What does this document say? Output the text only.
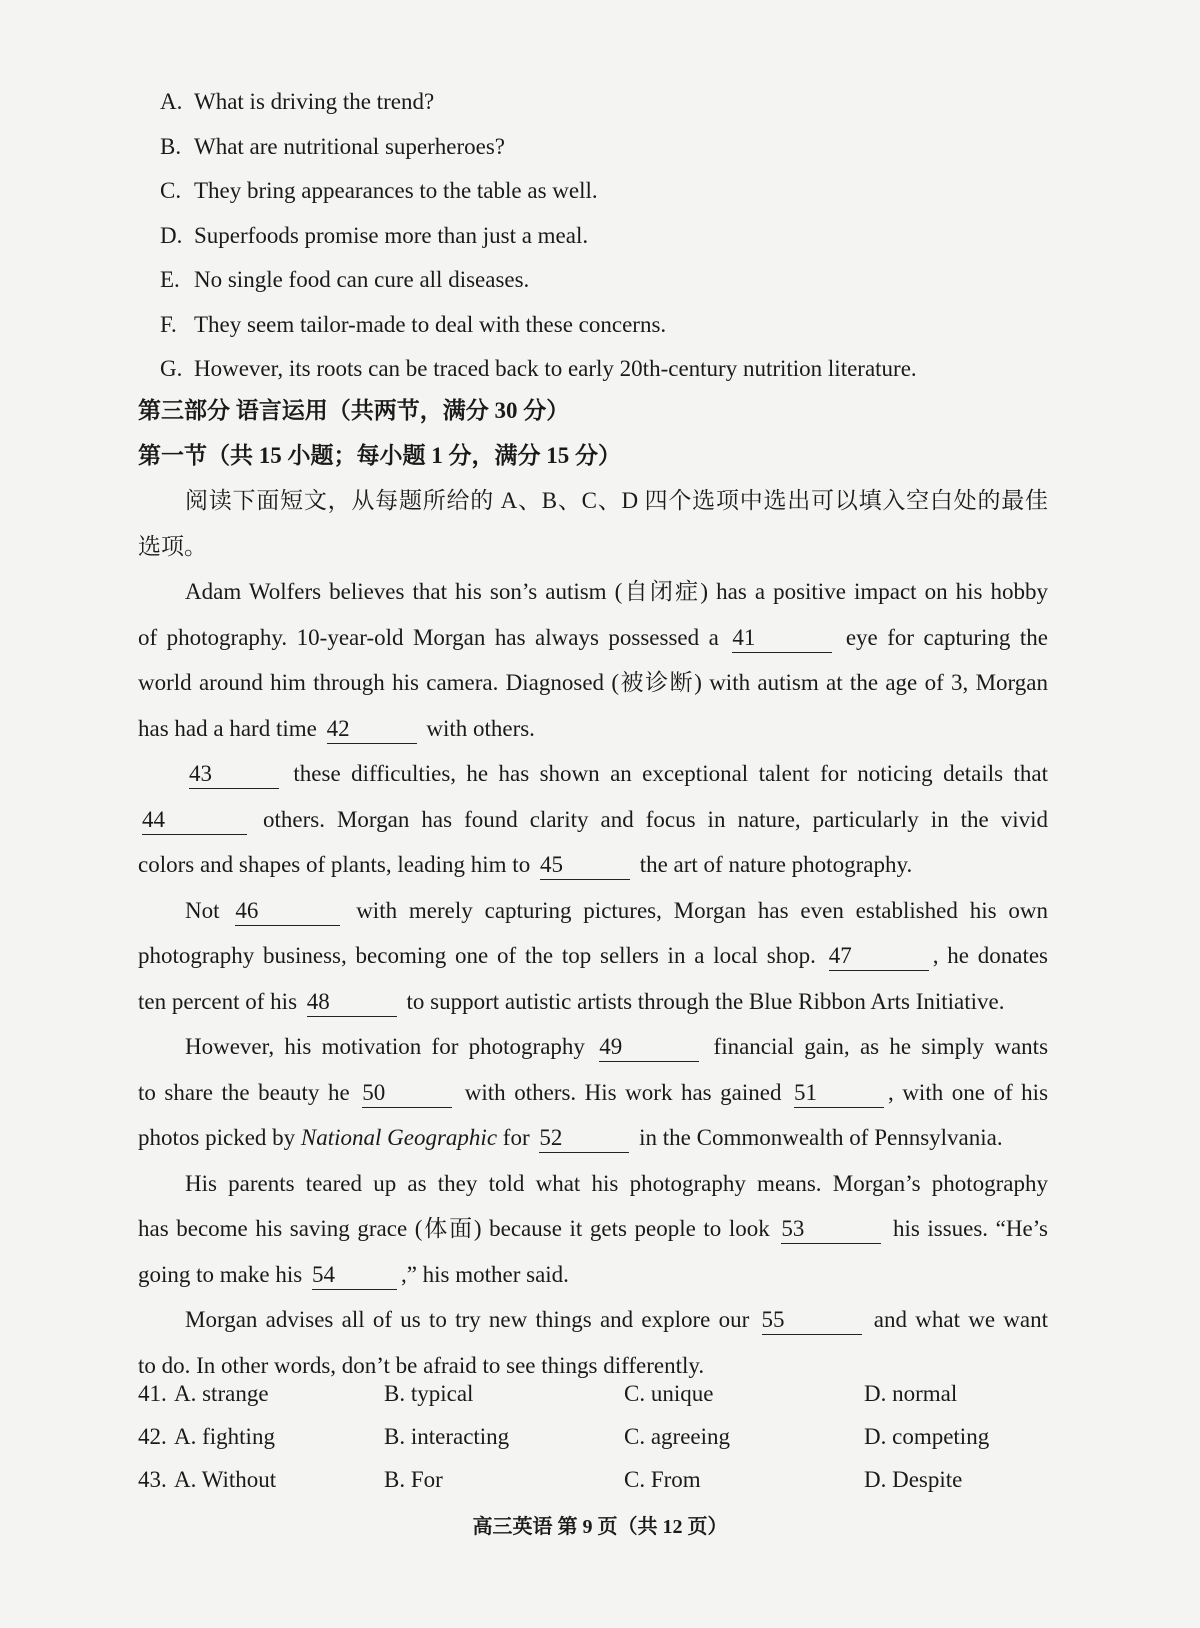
A. What is driving the trend?
B. What are nutritional superheroes?
C. They bring appearances to the table as well.
D. Superfoods promise more than just a meal.
E. No single food can cure all diseases.
F. They seem tailor-made to deal with these concerns.
G. However, its roots can be traced back to early 20th-century nutrition literature.
第三部分 语言运用（共两节，满分 30 分）
第一节（共 15 小题；每小题 1 分，满分 15 分）
阅读下面短文，从每题所给的 A、B、C、D 四个选项中选出可以填入空白处的最佳
选项。
Adam Wolfers believes that his son’s autism (自闭症) has a positive impact on his hobby
of photography. 10-year-old Morgan has always possessed a 41	eye for capturing the
world around him through his camera. Diagnosed (被诊断) with autism at the age of 3, Morgan
has had a hard time 42	with others.
43	these difficulties, he has shown an exceptional talent for noticing details that
44	others. Morgan has found clarity and focus in nature, particularly in the vivid
colors and shapes of plants, leading him to 45	the art of nature photography.
Not 46	with merely capturing pictures, Morgan has even established his own
photography business, becoming one of the top sellers in a local shop. 47	, he donates
ten percent of his 48	to support autistic artists through the Blue Ribbon Arts Initiative.
However, his motivation for photography 49	financial gain, as he simply wants
to share the beauty he 50	with others. His work has gained 51	, with one of his
photos picked by National Geographic for 52	in the Commonwealth of Pennsylvania.
His parents teared up as they told what his photography means. Morgan’s photography
has become his saving grace (体面) because it gets people to look 53	his issues. “He’s
going to make his 54	,” his mother said.
Morgan advises all of us to try new things and explore our 55	and what we want
to do. In other words, don’t be afraid to see things differently.
41. A. strange	B. typical	C. unique	D. normal
42. A. fighting	B. interacting	C. agreeing	D. competing
43. A. Without	B. For	C. From	D. Despite
高三英语 第 9 页（共 12 页）
